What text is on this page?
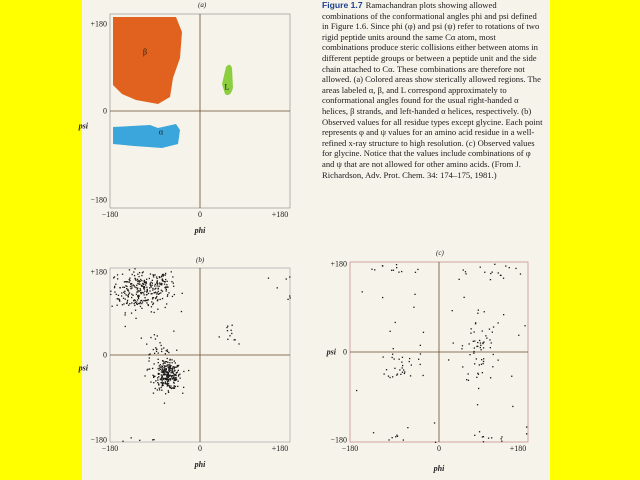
(a)
β
α
L
+180
0
−180
psi
−180	0	+180
phi
Figure 1.7 Ramachandran plots showing allowed combinations of the conformational angles phi and psi defined in Figure 1.6. Since phi (φ) and psi (ψ) refer to rotations of two rigid peptide units around the same Cα atom, most combinations produce steric collisions either between atoms in different peptide groups or between a peptide unit and the side chain attached to Cα. These combinations are therefore not allowed. (a) Colored areas show sterically allowed regions. The areas labeled α, β, and L correspond approximately to conformational angles found for the usual right-handed α helices, β strands, and left-handed α helices, respectively. (b) Observed values for all residue types except glycine. Each point represents φ and ψ values for an amino acid residue in a well-refined x-ray structure to high resolution. (c) Observed values for glycine. Notice that the values include combinations of φ and ψ that are not allowed for other amino acids. (From J. Richardson, Adv. Prot. Chem. 34: 174–175, 1981.)
(b)
+180
0
−180
psi
−180	0	+180
phi
(c)
+180
0
−180
psi
−180	0	+180
phi
